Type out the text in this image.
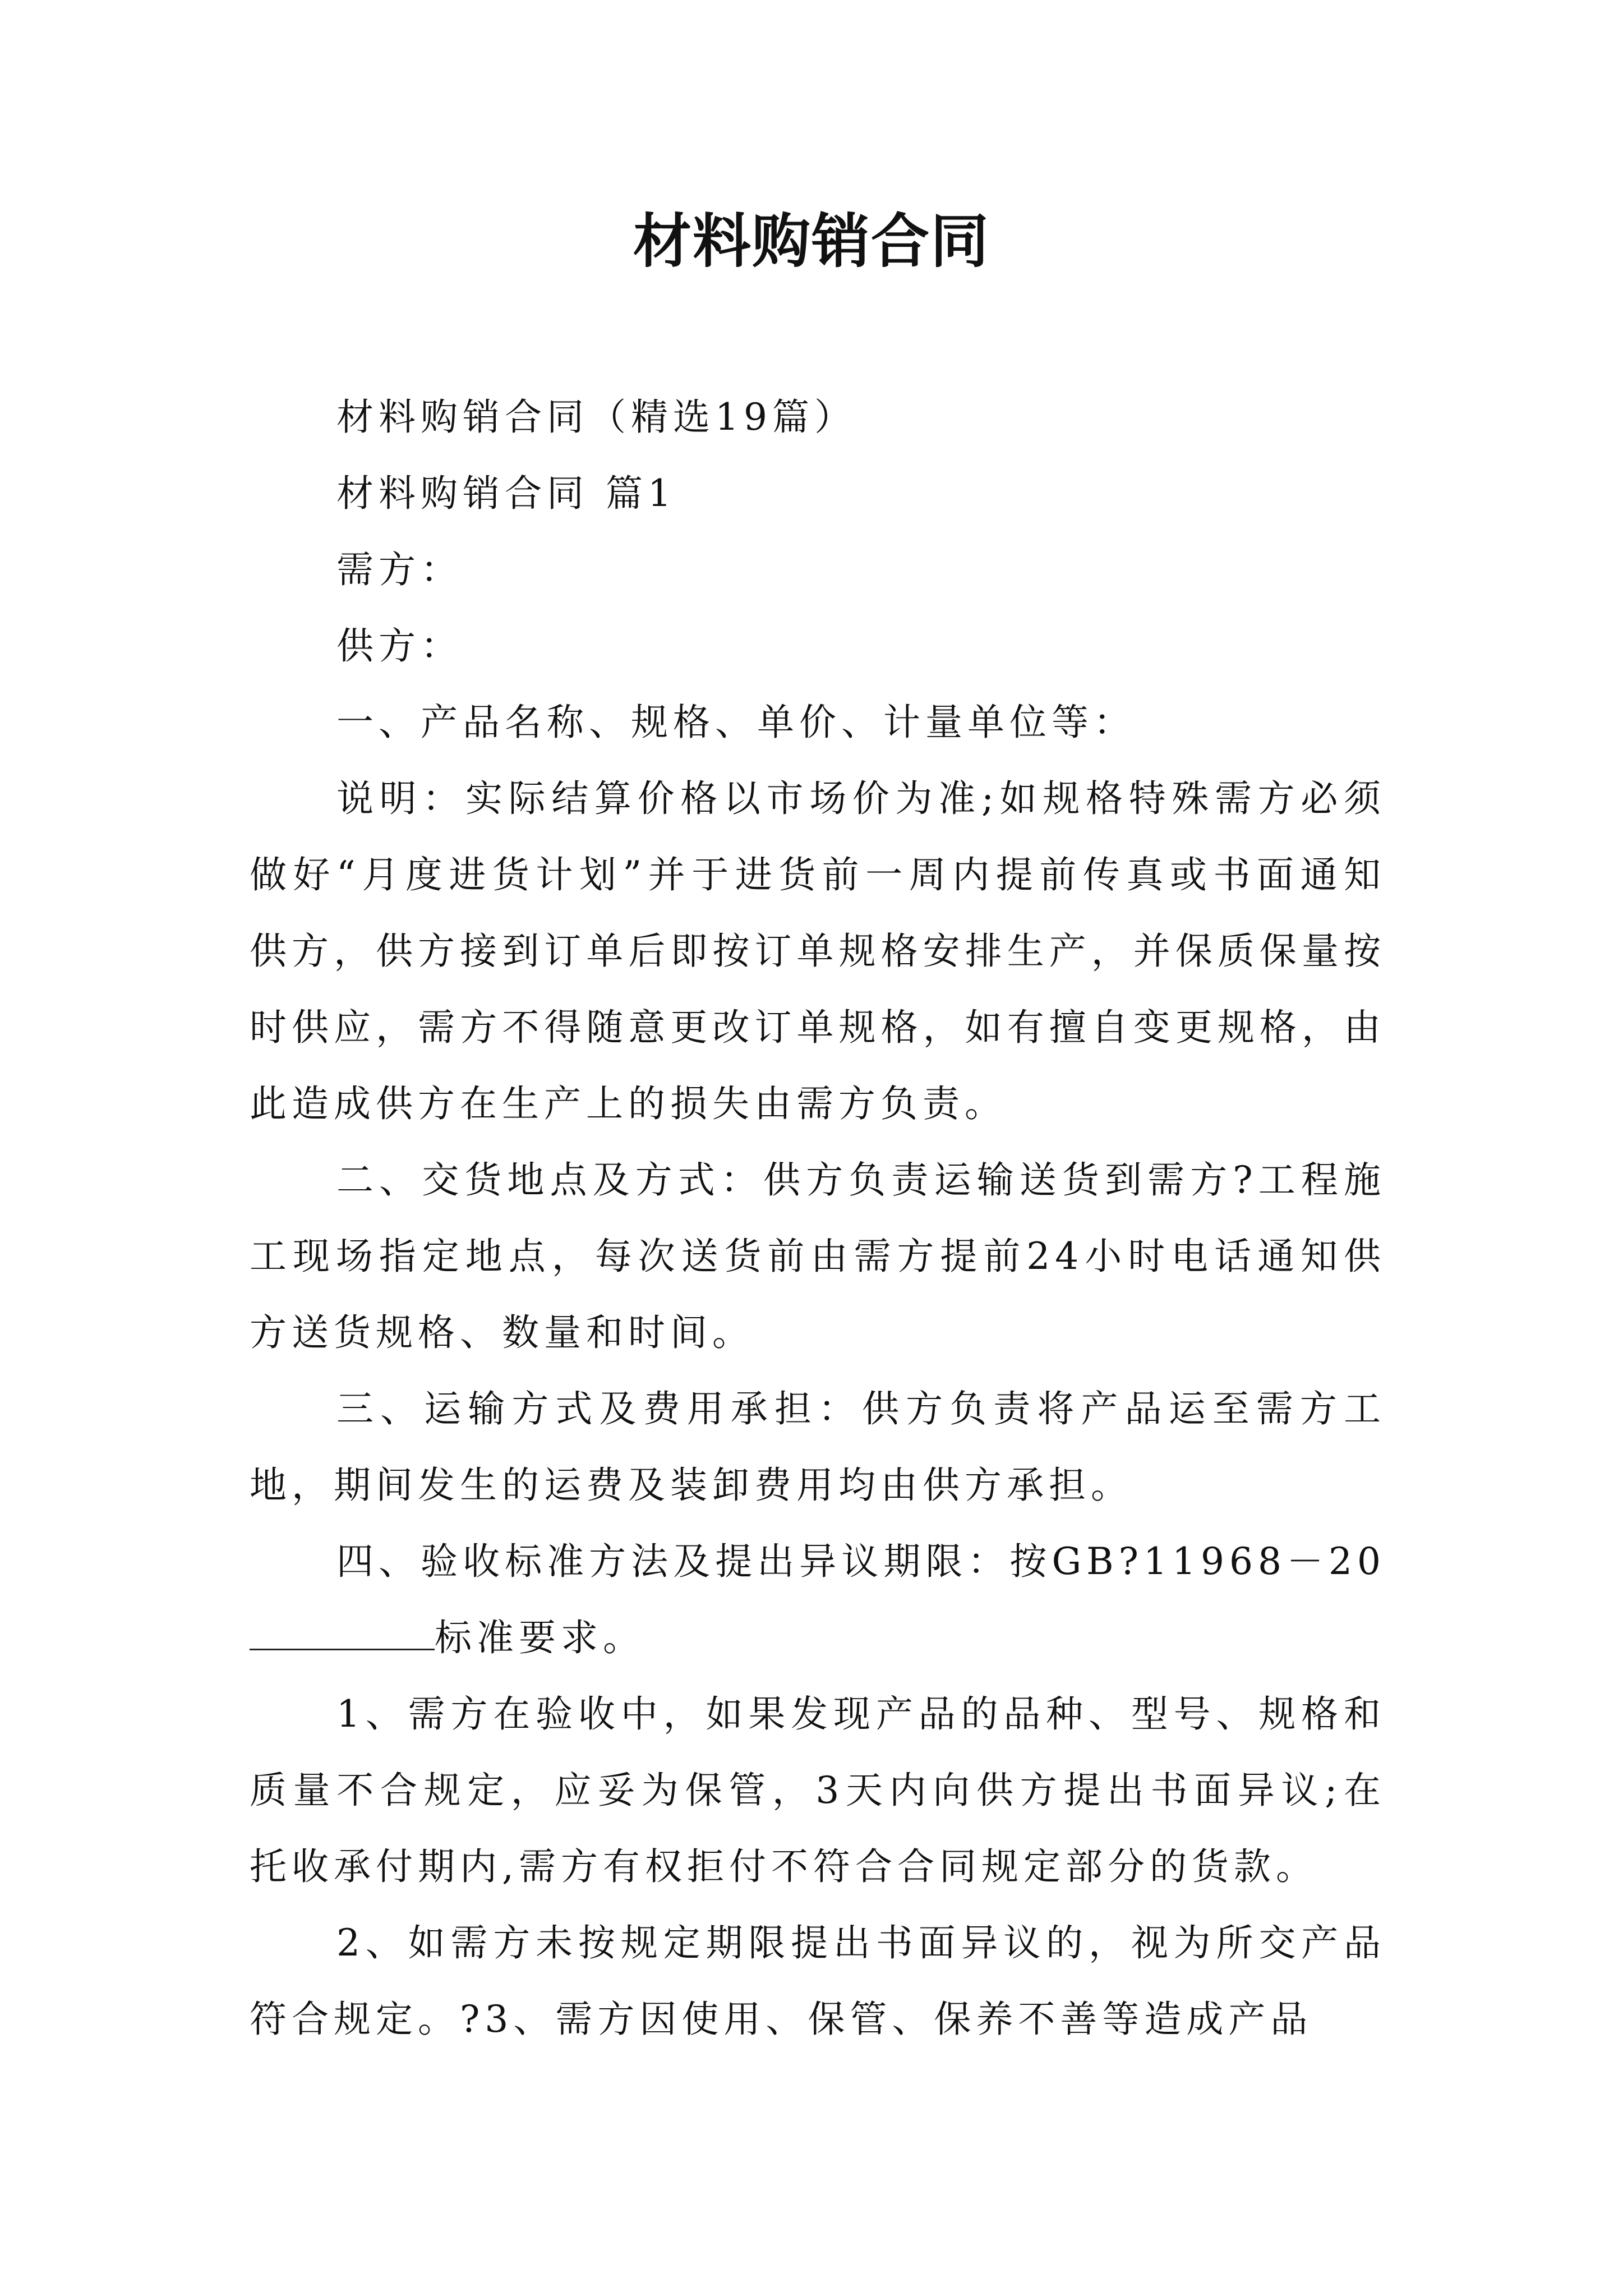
材料购销合同

材料购销合同（精选19篇）

材料购销合同 篇1

需方：

供方：

一、产品名称、规格、单价、计量单位等：

说明：实际结算价格以市场价为准;如规格特殊需方必须做好“月度进货计划”并于进货前一周内提前传真或书面通知供方，供方接到订单后即按订单规格安排生产，并保质保量按时供应，需方不得随意更改订单规格，如有擅自变更规格，由此造成供方在生产上的损失由需方负责。

二、交货地点及方式：供方负责运输送货到需方?工程施工现场指定地点，每次送货前由需方提前24小时电话通知供方送货规格、数量和时间。

三、运输方式及费用承担：供方负责将产品运至需方工地，期间发生的运费及装卸费用均由供方承担。

四、验收标准方法及提出异议期限：按GB?11968－20标准要求。

1、需方在验收中，如果发现产品的品种、型号、规格和质量不合规定，应妥为保管，3天内向供方提出书面异议;在托收承付期内,需方有权拒付不符合合同规定部分的货款。

2、如需方未按规定期限提出书面异议的，视为所交产品符合规定。?3、需方因使用、保管、保养不善等造成产品
